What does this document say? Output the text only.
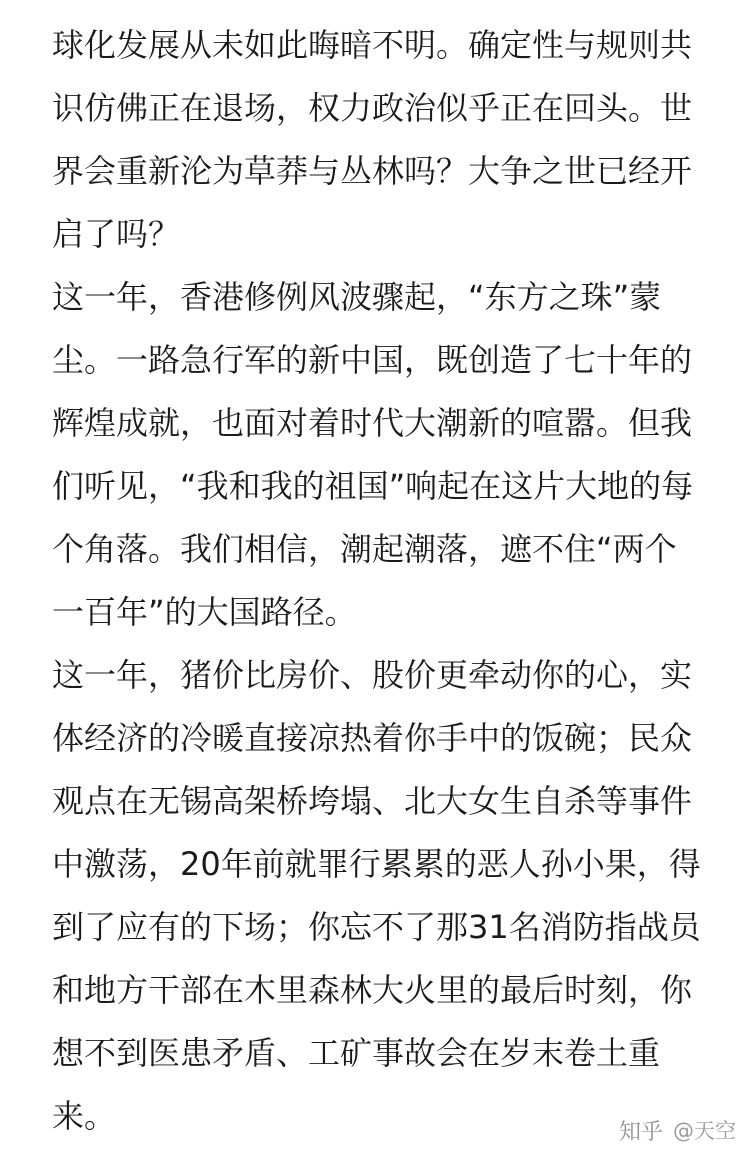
球化发展从未如此晦暗不明。确定性与规则共
识仿佛正在退场，权力政治似乎正在回头。世
界会重新沦为草莽与丛林吗？大争之世已经开
启了吗？
这一年，香港修例风波骤起，“东方之珠”蒙
尘。一路急行军的新中国，既创造了七十年的
辉煌成就，也面对着时代大潮新的喧嚣。但我
们听见，“我和我的祖国”响起在这片大地的每
个角落。我们相信，潮起潮落，遮不住“两个
一百年”的大国路径。
这一年，猪价比房价、股价更牵动你的心，实
体经济的冷暖直接凉热着你手中的饭碗；民众
观点在无锡高架桥垮塌、北大女生自杀等事件
中激荡，20年前就罪行累累的恶人孙小果，得
到了应有的下场；你忘不了那31名消防指战员
和地方干部在木里森林大火里的最后时刻，你
想不到医患矛盾、工矿事故会在岁末卷土重
来。	知乎 @天空
